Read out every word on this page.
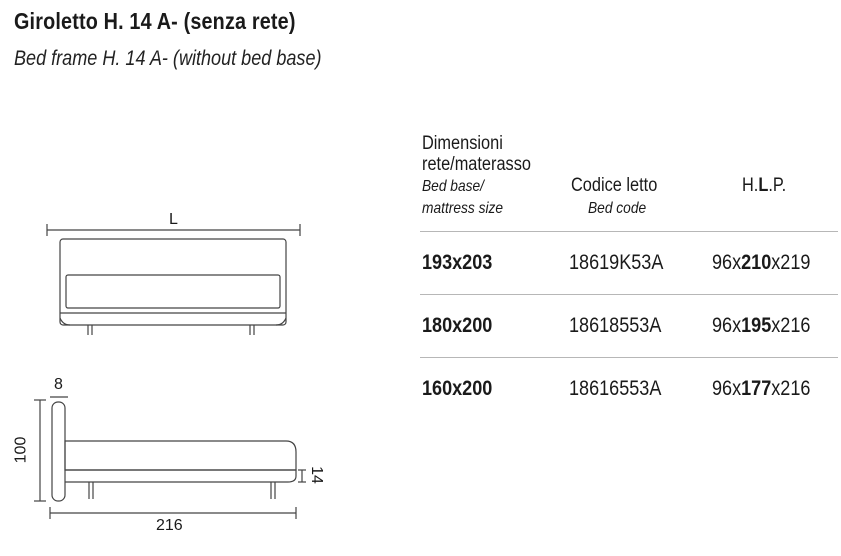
Giroletto H. 14 A- (senza rete)

Bed frame H. 14 A- (without bed base)

L
8
100
14
216
Dimensioni
rete/materasso
Bed base/
mattress size
Codice letto
Bed code
H.L.P.
193x203	18619K53A 96x210x219
180x200	18618553A 96x195x216
160x200	18616553A 96x177x216
